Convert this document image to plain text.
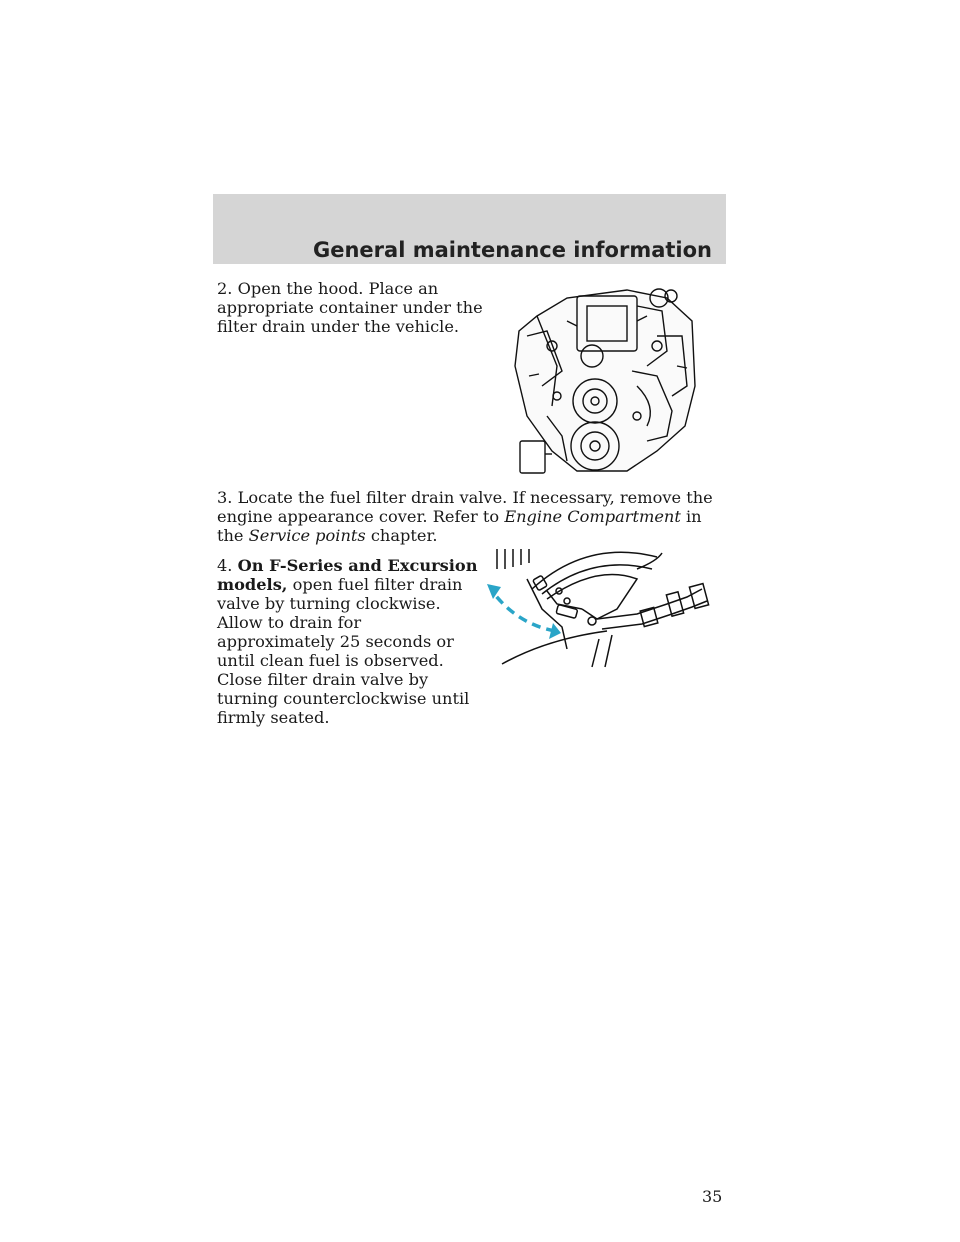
General maintenance information

2. Open the hood. Place an appropriate container under the filter drain under the vehicle.

3. Locate the fuel filter drain valve. If necessary, remove the engine appearance cover. Refer to Engine Compartment in the Service points chapter.

4. On F-Series and Excursion models, open fuel filter drain valve by turning clockwise. Allow to drain for approximately 25 seconds or until clean fuel is observed. Close filter drain valve by turning counterclockwise until firmly seated.

35
